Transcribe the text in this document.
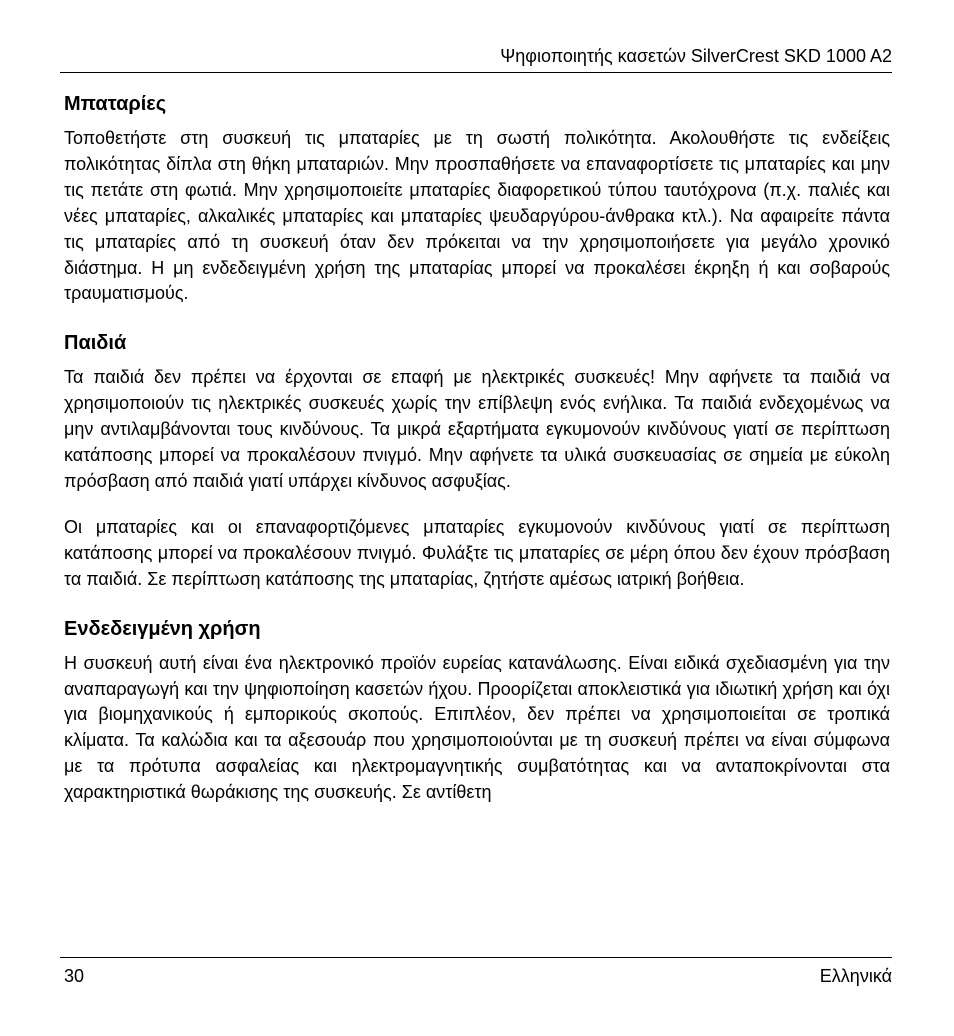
Ψηφιοποιητής κασετών SilverCrest SKD 1000 A2
Μπαταρίες

Τοποθετήστε στη συσκευή τις μπαταρίες με τη σωστή πολικότητα. Ακολουθήστε τις ενδείξεις πολικότητας δίπλα στη θήκη μπαταριών. Μην προσπαθήσετε να επαναφορτίσετε τις μπαταρίες και μην τις πετάτε στη φωτιά. Μην χρησιμοποιείτε μπαταρίες διαφορετικού τύπου ταυτόχρονα (π.χ. παλιές και νέες μπαταρίες, αλκαλικές μπαταρίες και μπαταρίες ψευδαργύρου-άνθρακα κτλ.). Να αφαιρείτε πάντα τις μπαταρίες από τη συσκευή όταν δεν πρόκειται να την χρησιμοποιήσετε για μεγάλο χρονικό διάστημα. Η μη ενδεδειγμένη χρήση της μπαταρίας μπορεί να προκαλέσει έκρηξη ή και σοβαρούς τραυματισμούς.

Παιδιά

Τα παιδιά δεν πρέπει να έρχονται σε επαφή με ηλεκτρικές συσκευές! Μην αφήνετε τα παιδιά να χρησιμοποιούν τις ηλεκτρικές συσκευές χωρίς την επίβλεψη ενός ενήλικα. Τα παιδιά ενδεχομένως να μην αντιλαμβάνονται τους κινδύνους. Τα μικρά εξαρτήματα εγκυμονούν κινδύνους γιατί σε περίπτωση κατάποσης μπορεί να προκαλέσουν πνιγμό. Μην αφήνετε τα υλικά συσκευασίας σε σημεία με εύκολη πρόσβαση από παιδιά γιατί υπάρχει κίνδυνος ασφυξίας.

Οι μπαταρίες και οι επαναφορτιζόμενες μπαταρίες εγκυμονούν κινδύνους γιατί σε περίπτωση κατάποσης μπορεί να προκαλέσουν πνιγμό. Φυλάξτε τις μπαταρίες σε μέρη όπου δεν έχουν πρόσβαση τα παιδιά. Σε περίπτωση κατάποσης της μπαταρίας, ζητήστε αμέσως ιατρική βοήθεια.

Ενδεδειγμένη χρήση

Η συσκευή αυτή είναι ένα ηλεκτρονικό προϊόν ευρείας κατανάλωσης. Είναι ειδικά σχεδιασμένη για την αναπαραγωγή και την ψηφιοποίηση κασετών ήχου. Προορίζεται αποκλειστικά για ιδιωτική χρήση και όχι για βιομηχανικούς ή εμπορικούς σκοπούς. Επιπλέον, δεν πρέπει να χρησιμοποιείται σε τροπικά κλίματα. Τα καλώδια και τα αξεσουάρ που χρησιμοποιούνται με τη συσκευή πρέπει να είναι σύμφωνα με τα πρότυπα ασφαλείας και ηλεκτρομαγνητικής συμβατότητας και να ανταποκρίνονται στα χαρακτηριστικά θωράκισης της συσκευής. Σε αντίθετη

30	Ελληνικά
